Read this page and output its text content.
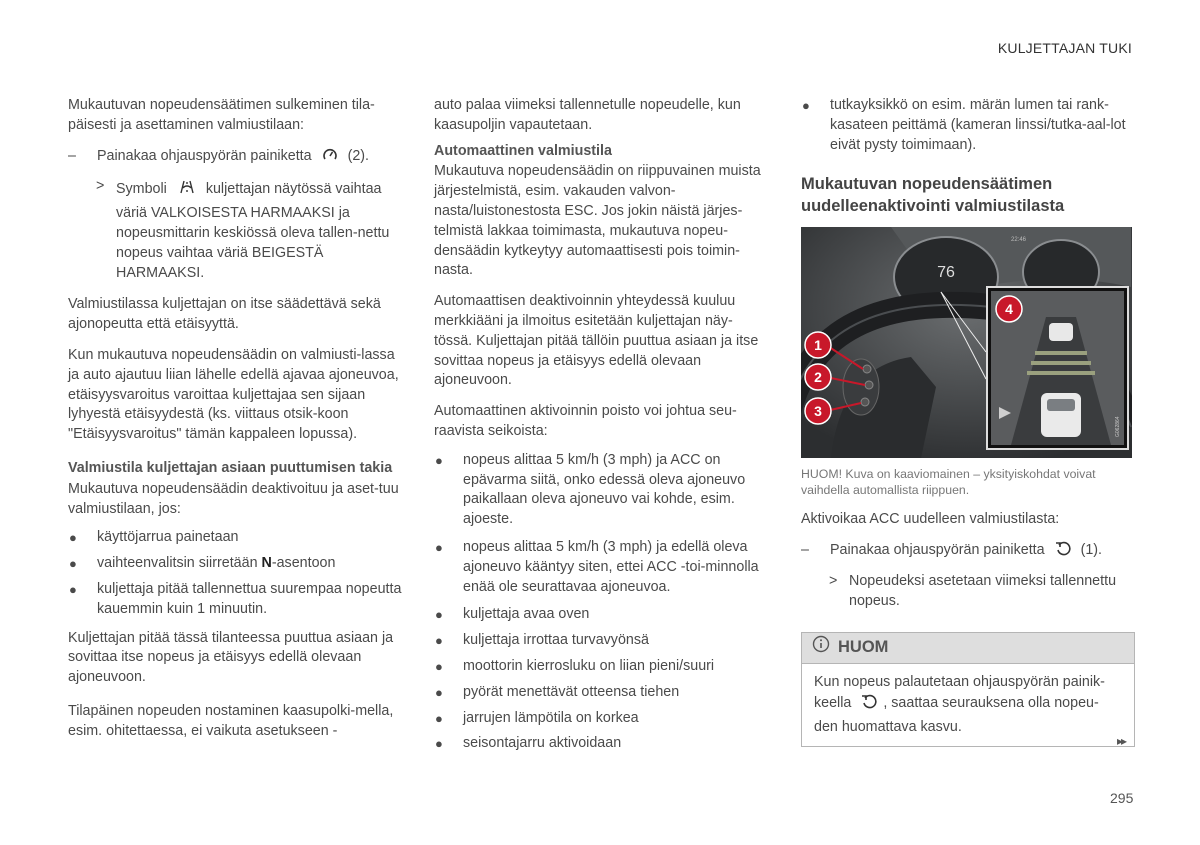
KULJETTAJAN TUKI

Mukautuvan nopeudensäätimen sulkeminen tila-päisesti ja asettaminen valmiustilaan:

– Painakaa ohjauspyörän painiketta	(2).
> Symboli	kuljettajan näytössä vaihtaa väriä VALKOISESTA HARMAAKSI ja nopeusmittarin keskiössä oleva tallen-nettu nopeus vaihtaa väriä BEIGESTÄ HARMAAKSI.

Valmiustilassa kuljettajan on itse säädettävä sekä ajonopeutta että etäisyyttä.

Kun mukautuva nopeudensäädin on valmiusti-lassa ja auto ajautuu liian lähelle edellä ajavaa ajoneuvoa, etäisyysvaroitus varoittaa kuljettajaa sen sijaan lyhyestä etäisyydestä (ks. viittaus otsik-koon "Etäisyysvaroitus" tämän kappaleen lopussa).

Valmiustila kuljettajan asiaan puuttumisen takia

Mukautuva nopeudensäädin deaktivoituu ja aset-tuu valmiustilaan, jos:

● käyttöjarrua painetaan
● vaihteenvalitsin siirretään N-asentoon
● kuljettaja pitää tallennettua suurempaa nopeutta kauemmin kuin 1 minuutin.

Kuljettajan pitää tässä tilanteessa puuttua asiaan ja sovittaa itse nopeus ja etäisyys edellä olevaan ajoneuvoon.

Tilapäinen nopeuden nostaminen kaasupolki-mella, esim. ohitettaessa, ei vaikuta asetukseen -

auto palaa viimeksi tallennetulle nopeudelle, kun kaasupoljin vapautetaan.

Automaattinen valmiustila

Mukautuva nopeudensäädin on riippuvainen muista järjestelmistä, esim. vakauden valvon-nasta/luistonestosta ESC. Jos jokin näistä järjes-telmistä lakkaa toimimasta, mukautuva nopeu-densäädin kytkeytyy automaattisesti pois toimin-nasta.

Automaattisen deaktivoinnin yhteydessä kuuluu merkkiääni ja ilmoitus esitetään kuljettajan näy-tössä. Kuljettajan pitää tällöin puuttua asiaan ja itse sovittaa nopeus ja etäisyys edellä olevaan ajoneuvoon.

Automaattinen aktivoinnin poisto voi johtua seu-raavista seikoista:

● nopeus alittaa 5 km/h (3 mph) ja ACC on epävarma siitä, onko edessä oleva ajoneuvo paikallaan oleva ajoneuvo vai kohde, esim. ajoeste.
● nopeus alittaa 5 km/h (3 mph) ja edellä oleva ajoneuvo kääntyy siten, ettei ACC -toi-minnolla enää ole seurattavaa ajoneuvoa.
● kuljettaja avaa oven
● kuljettaja irrottaa turvavyönsä
● moottorin kierrosluku on liian pieni/suuri
● pyörät menettävät otteensa tiehen
● jarrujen lämpötila on korkea
● seisontajarru aktivoidaan
● tutkayksikkö on esim. märän lumen tai rank-kasateen peittämä (kameran linssi/tutka-aal-lot eivät pysty toimimaan).
Mukautuvan nopeudensäätimen uudelleenaktivointi valmiustilasta
76
22:46
G062864
1
2
3
4

HUOM! Kuva on kaaviomainen – yksityiskohdat voivat vaihdella automallista riippuen.

Aktivoikaa ACC uudelleen valmiustilasta:

– Painakaa ohjauspyörän painiketta	(1).
> Nopeudeksi asetetaan viimeksi tallennettu nopeus.
HUOM
Kun nopeus palautetaan ohjauspyörän painik-keella , saattaa seurauksena olla nopeu-den huomattava kasvu.
▸▸
295
